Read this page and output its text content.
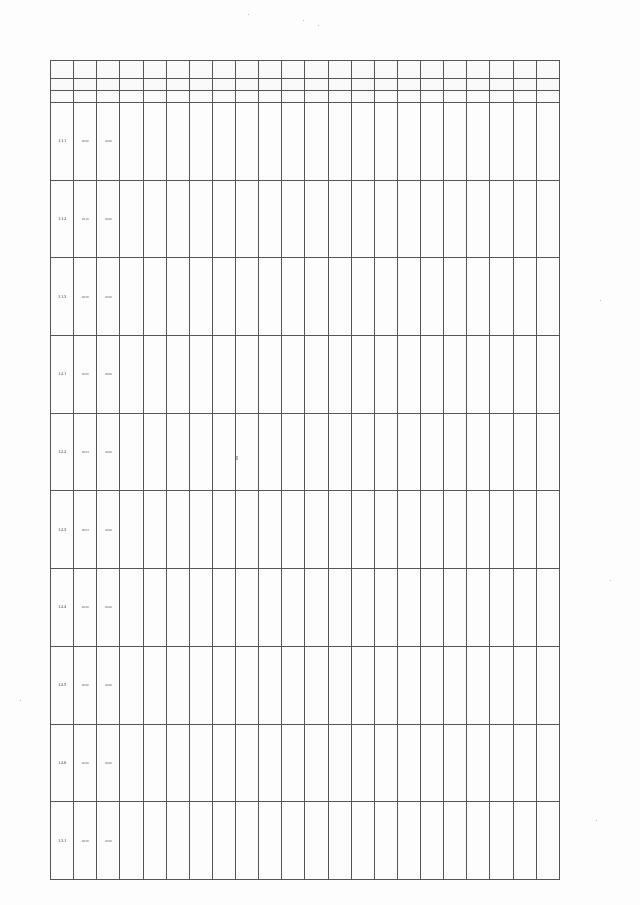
I

1.1.1	2020	2026																			

1.1.2	2010	2026																			

1.1.3	2020	2026																			

1.2.1	2020	2026																			

1.2.2	2023	2026																			

1.2.3	2023	2026																			

1.2.4	2020	2026																			

1.2.5	2020	2026																			

1.2.6	2020	2026																			

1.3.1	2020	2026																			
